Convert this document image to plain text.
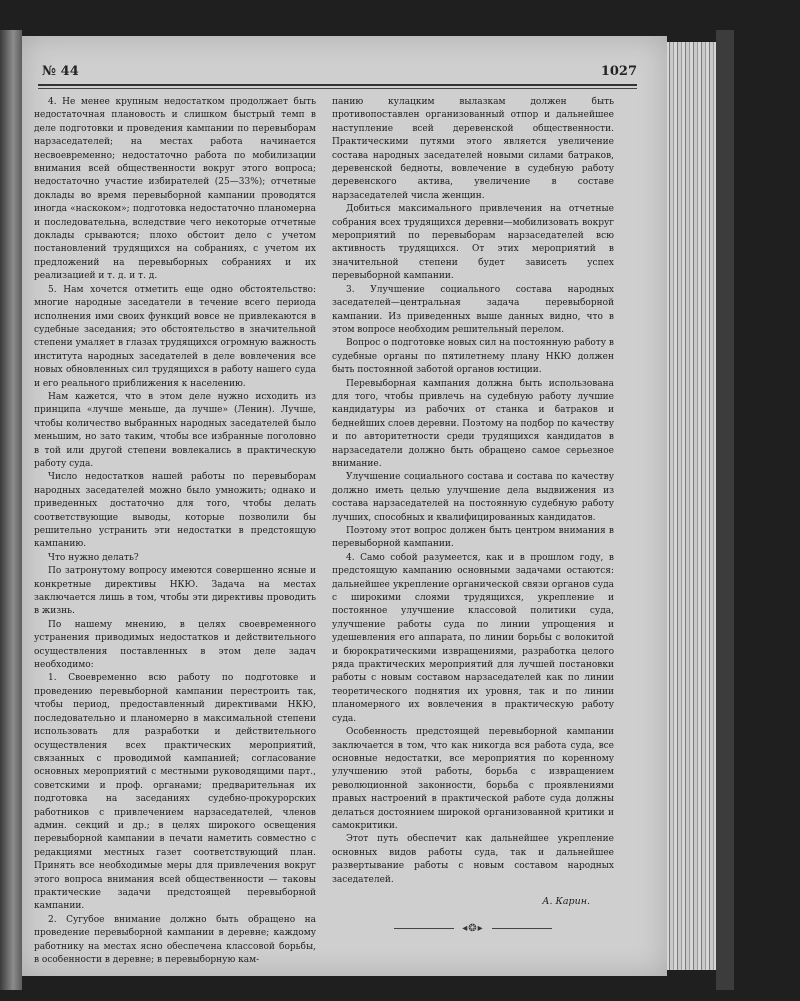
№ 44	1027

4. Не менее крупным недостатком продолжает быть недостаточная плановость и слишком быстрый темп в деле подготовки и проведения кампании по перевыборам нарзаседателей; на местах работа начинается несвоевременно; недостаточно работа по мобилизации внимания всей общественности вокруг этого вопроса; недостаточно участие избирателей (25—33%); отчетные доклады во время перевыборной кампании проводятся иногда «наскоком»; подготовка недостаточно планомерна и последовательна, вследствие чего некоторые отчетные доклады срываются; плохо обстоит дело с учетом постановлений трудящихся на собраниях, с учетом их предложений на перевыборных собраниях и их реализацией и т. д. и т. д.

5. Нам хочется отметить еще одно обстоятельство: многие народные заседатели в течение всего периода исполнения ими своих функций вовсе не привлекаются в судебные заседания; это обстоятельство в значительной степени умаляет в глазах трудящихся огромную важность института народных заседателей в деле вовлечения все новых обновленных сил трудящихся в работу нашего суда и его реального приближения к населению.

Нам кажется, что в этом деле нужно исходить из принципа «лучше меньше, да лучше» (Ленин). Лучше, чтобы количество выбранных народных заседателей было меньшим, но зато таким, чтобы все избранные поголовно в той или другой степени вовлекались в практическую работу суда.

Число недостатков нашей работы по перевыборам народных заседателей можно было умножить; однако и приведенных достаточно для того, чтобы делать соответствующие выводы, которые позволили бы решительно устранить эти недостатки в предстоящую кампанию.

Что нужно делать?

По затронутому вопросу имеются совершенно ясные и конкретные директивы НКЮ. Задача на местах заключается лишь в том, чтобы эти директивы проводить в жизнь.

По нашему мнению, в целях своевременного устранения приводимых недостатков и действительного осуществления поставленных в этом деле задач необходимо:

1. Своевременно всю работу по подготовке и проведению перевыборной кампании перестроить так, чтобы период, предоставленный директивами НКЮ, последовательно и планомерно в максимальной степени использовать для разработки и действительного осуществления всех практических мероприятий, связанных с проводимой кампанией; согласование основных мероприятий с местными руководящими парт., советскими и проф. органами; предварительная их подготовка на заседаниях судебно-прокурорских работников с привлечением нарзаседателей, членов админ. секций и др.; в целях широкого освещения перевыборной кампании в печати наметить совместно с редакциями местных газет соответствующий план. Принять все необходимые меры для привлечения вокруг этого вопроса внимания всей общественности — таковы практические задачи предстоящей перевыборной кампании.

2. Сугубое внимание должно быть обращено на проведение перевыборной кампании в деревне; каждому работнику на местах ясно обеспечена классовой борьбы, в особенности в деревне; в перевыборную кам-

панию кулацким вылазкам должен быть противопоставлен организованный отпор и дальнейшее наступление всей деревенской общественности. Практическими путями этого является увеличение состава народных заседателей новыми силами батраков, деревенской бедноты, вовлечение в судебную работу деревенского актива, увеличение в составе нарзаседателей числа женщин.

Добиться максимального привлечения на отчетные собрания всех трудящихся деревни—мобилизовать вокруг мероприятий по перевыборам нарзаседателей всю активность трудящихся. От этих мероприятий в значительной степени будет зависеть успех перевыборной кампании.

3. Улучшение социального состава народных заседателей—центральная задача перевыборной кампании. Из приведенных выше данных видно, что в этом вопросе необходим решительный перелом.

Вопрос о подготовке новых сил на постоянную работу в судебные органы по пятилетнему плану НКЮ должен быть постоянной заботой органов юстиции.

Перевыборная кампания должна быть использована для того, чтобы привлечь на судебную работу лучшие кандидатуры из рабочих от станка и батраков и беднейших слоев деревни. Поэтому на подбор по качеству и по авторитетности среди трудящихся кандидатов в нарзаседатели должно быть обращено самое серьезное внимание.

Улучшение социального состава и состава по качеству должно иметь целью улучшение дела выдвижения из состава нарзаседателей на постоянную судебную работу лучших, способных и квалифицированных кандидатов.

Поэтому этот вопрос должен быть центром внимания в перевыборной кампании.

4. Само собой разумеется, как и в прошлом году, в предстоящую кампанию основными задачами остаются: дальнейшее укрепление органической связи органов суда с широкими слоями трудящихся, укрепление и постоянное улучшение классовой политики суда, улучшение работы суда по линии упрощения и удешевления его аппарата, по линии борьбы с волокитой и бюрократическими извращениями, разработка целого ряда практических мероприятий для лучшей постановки работы с новым составом нарзаседателей как по линии теоретического поднятия их уровня, так и по линии планомерного их вовлечения в практическую работу суда.

Особенность предстоящей перевыборной кампании заключается в том, что как никогда вся работа суда, все основные недостатки, все мероприятия по коренному улучшению этой работы, борьба с извращением революционной законности, борьба с проявлениями правых настроений в практической работе суда должны делаться достоянием широкой организованной критики и самокритики.

Этот путь обеспечит как дальнейшее укрепление основных видов работы суда, так и дальнейшее развертывание работы с новым составом народных заседателей.

А. Карин.
◂❂▸
